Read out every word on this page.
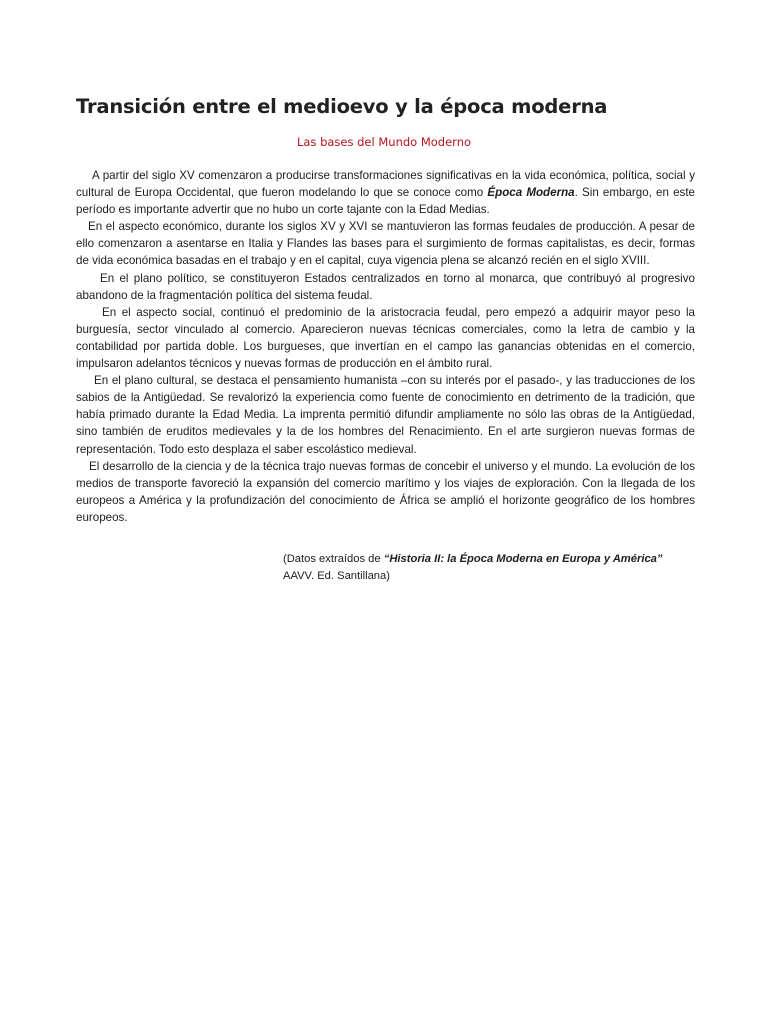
Transición entre el medioevo y la época moderna
Las bases del Mundo Moderno

A partir del siglo XV comenzaron a producirse transformaciones significativas en la vida económica, política, social y cultural de Europa Occidental, que fueron modelando lo que se conoce como Época Moderna. Sin embargo, en este período es importante advertir que no hubo un corte tajante con la Edad Medias.

En el aspecto económico, durante los siglos XV y XVI se mantuvieron las formas feudales de producción. A pesar de ello comenzaron a asentarse en Italia y Flandes las bases para el surgimiento de formas capitalistas, es decir, formas de vida económica basadas en el trabajo y en el capital, cuya vigencia plena se alcanzó recién en el siglo XVIII.

En el plano político, se constituyeron Estados centralizados en torno al monarca, que contribuyó al progresivo abandono de la fragmentación política del sistema feudal.

En el aspecto social, continuó el predominio de la aristocracia feudal, pero empezó a adquirir mayor peso la burguesía, sector vinculado al comercio. Aparecieron nuevas técnicas comerciales, como la letra de cambio y la contabilidad por partida doble. Los burgueses, que invertían en el campo las ganancias obtenidas en el comercio, impulsaron adelantos técnicos y nuevas formas de producción en el ámbito rural.

En el plano cultural, se destaca el pensamiento humanista –con su interés por el pasado-, y las traducciones de los sabios de la Antigüedad. Se revalorizó la experiencia como fuente de conocimiento en detrimento de la tradición, que había primado durante la Edad Media. La imprenta permitió difundir ampliamente no sólo las obras de la Antigüedad, sino también de eruditos medievales y la de los hombres del Renacimiento. En el arte surgieron nuevas formas de representación. Todo esto desplaza el saber escolástico medieval.

El desarrollo de la ciencia y de la técnica trajo nuevas formas de concebir el universo y el mundo. La evolución de los medios de transporte favoreció la expansión del comercio marítimo y los viajes de exploración. Con la llegada de los europeos a América y la profundización del conocimiento de África se amplió el horizonte geográfico de los hombres europeos.

(Datos extraídos de “Historia II: la Época Moderna en Europa y América” AAVV. Ed. Santillana)
